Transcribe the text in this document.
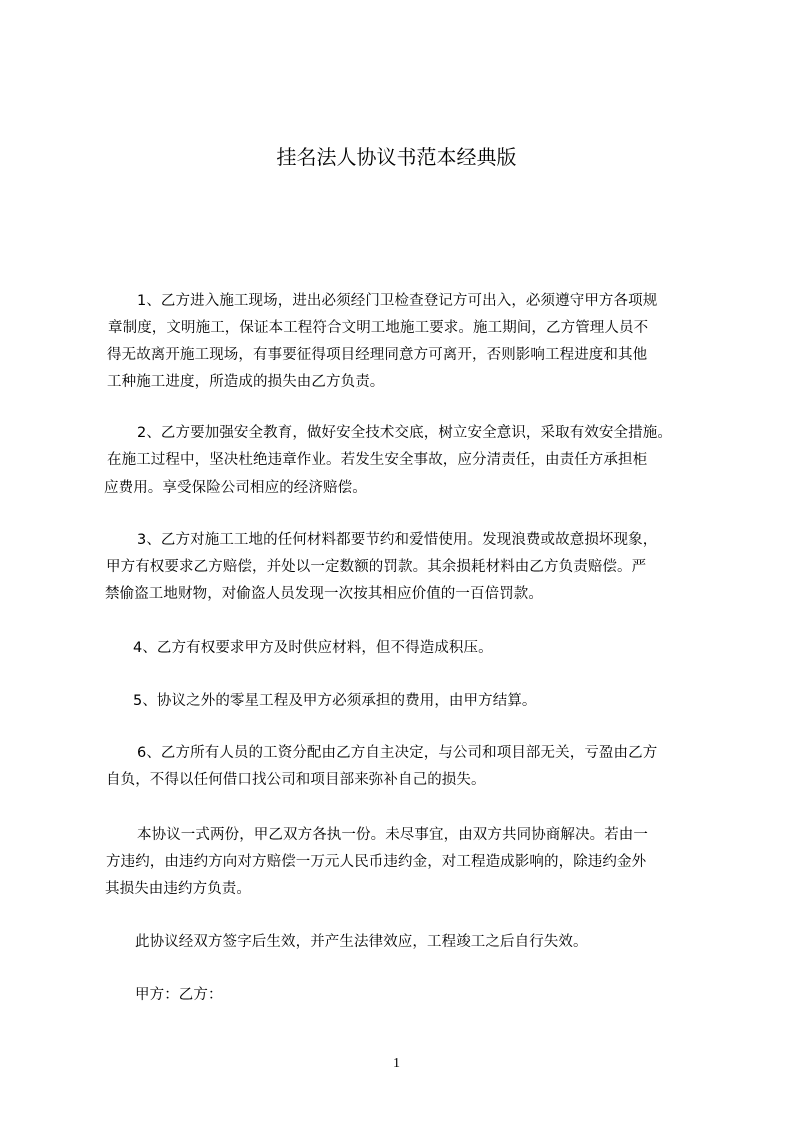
挂名法人协议书范本经典版
1、乙方进入施工现场，进出必须经门卫检查登记方可出入，必须遵守甲方各项规
章制度，文明施工，保证本工程符合文明工地施工要求。施工期间，乙方管理人员不
得无故离开施工现场，有事要征得项目经理同意方可离开，否则影响工程进度和其他
工种施工进度，所造成的损失由乙方负责。
2、乙方要加强安全教育，做好安全技术交底，树立安全意识，采取有效安全措施。
在施工过程中，坚决杜绝违章作业。若发生安全事故，应分清责任，由责任方承担柜
应费用。享受保险公司相应的经济赔偿。
3、乙方对施工工地的任何材料都要节约和爱惜使用。发现浪费或故意损坏现象，
甲方有权要求乙方赔偿，并处以一定数额的罚款。其余损耗材料由乙方负责赔偿。严
禁偷盗工地财物，对偷盗人员发现一次按其相应价值的一百倍罚款。
4、乙方有权要求甲方及时供应材料，但不得造成积压。
5、协议之外的零星工程及甲方必须承担的费用，由甲方结算。
6、乙方所有人员的工资分配由乙方自主决定，与公司和项目部无关，亏盈由乙方
自负，不得以任何借口找公司和项目部来弥补自己的损失。
本协议一式两份，甲乙双方各执一份。未尽事宜，由双方共同协商解决。若由一
方违约，由违约方向对方赔偿一万元人民币违约金，对工程造成影响的，除违约金外
其损失由违约方负责。
此协议经双方签字后生效，并产生法律效应，工程竣工之后自行失效。
甲方：乙方：
1
